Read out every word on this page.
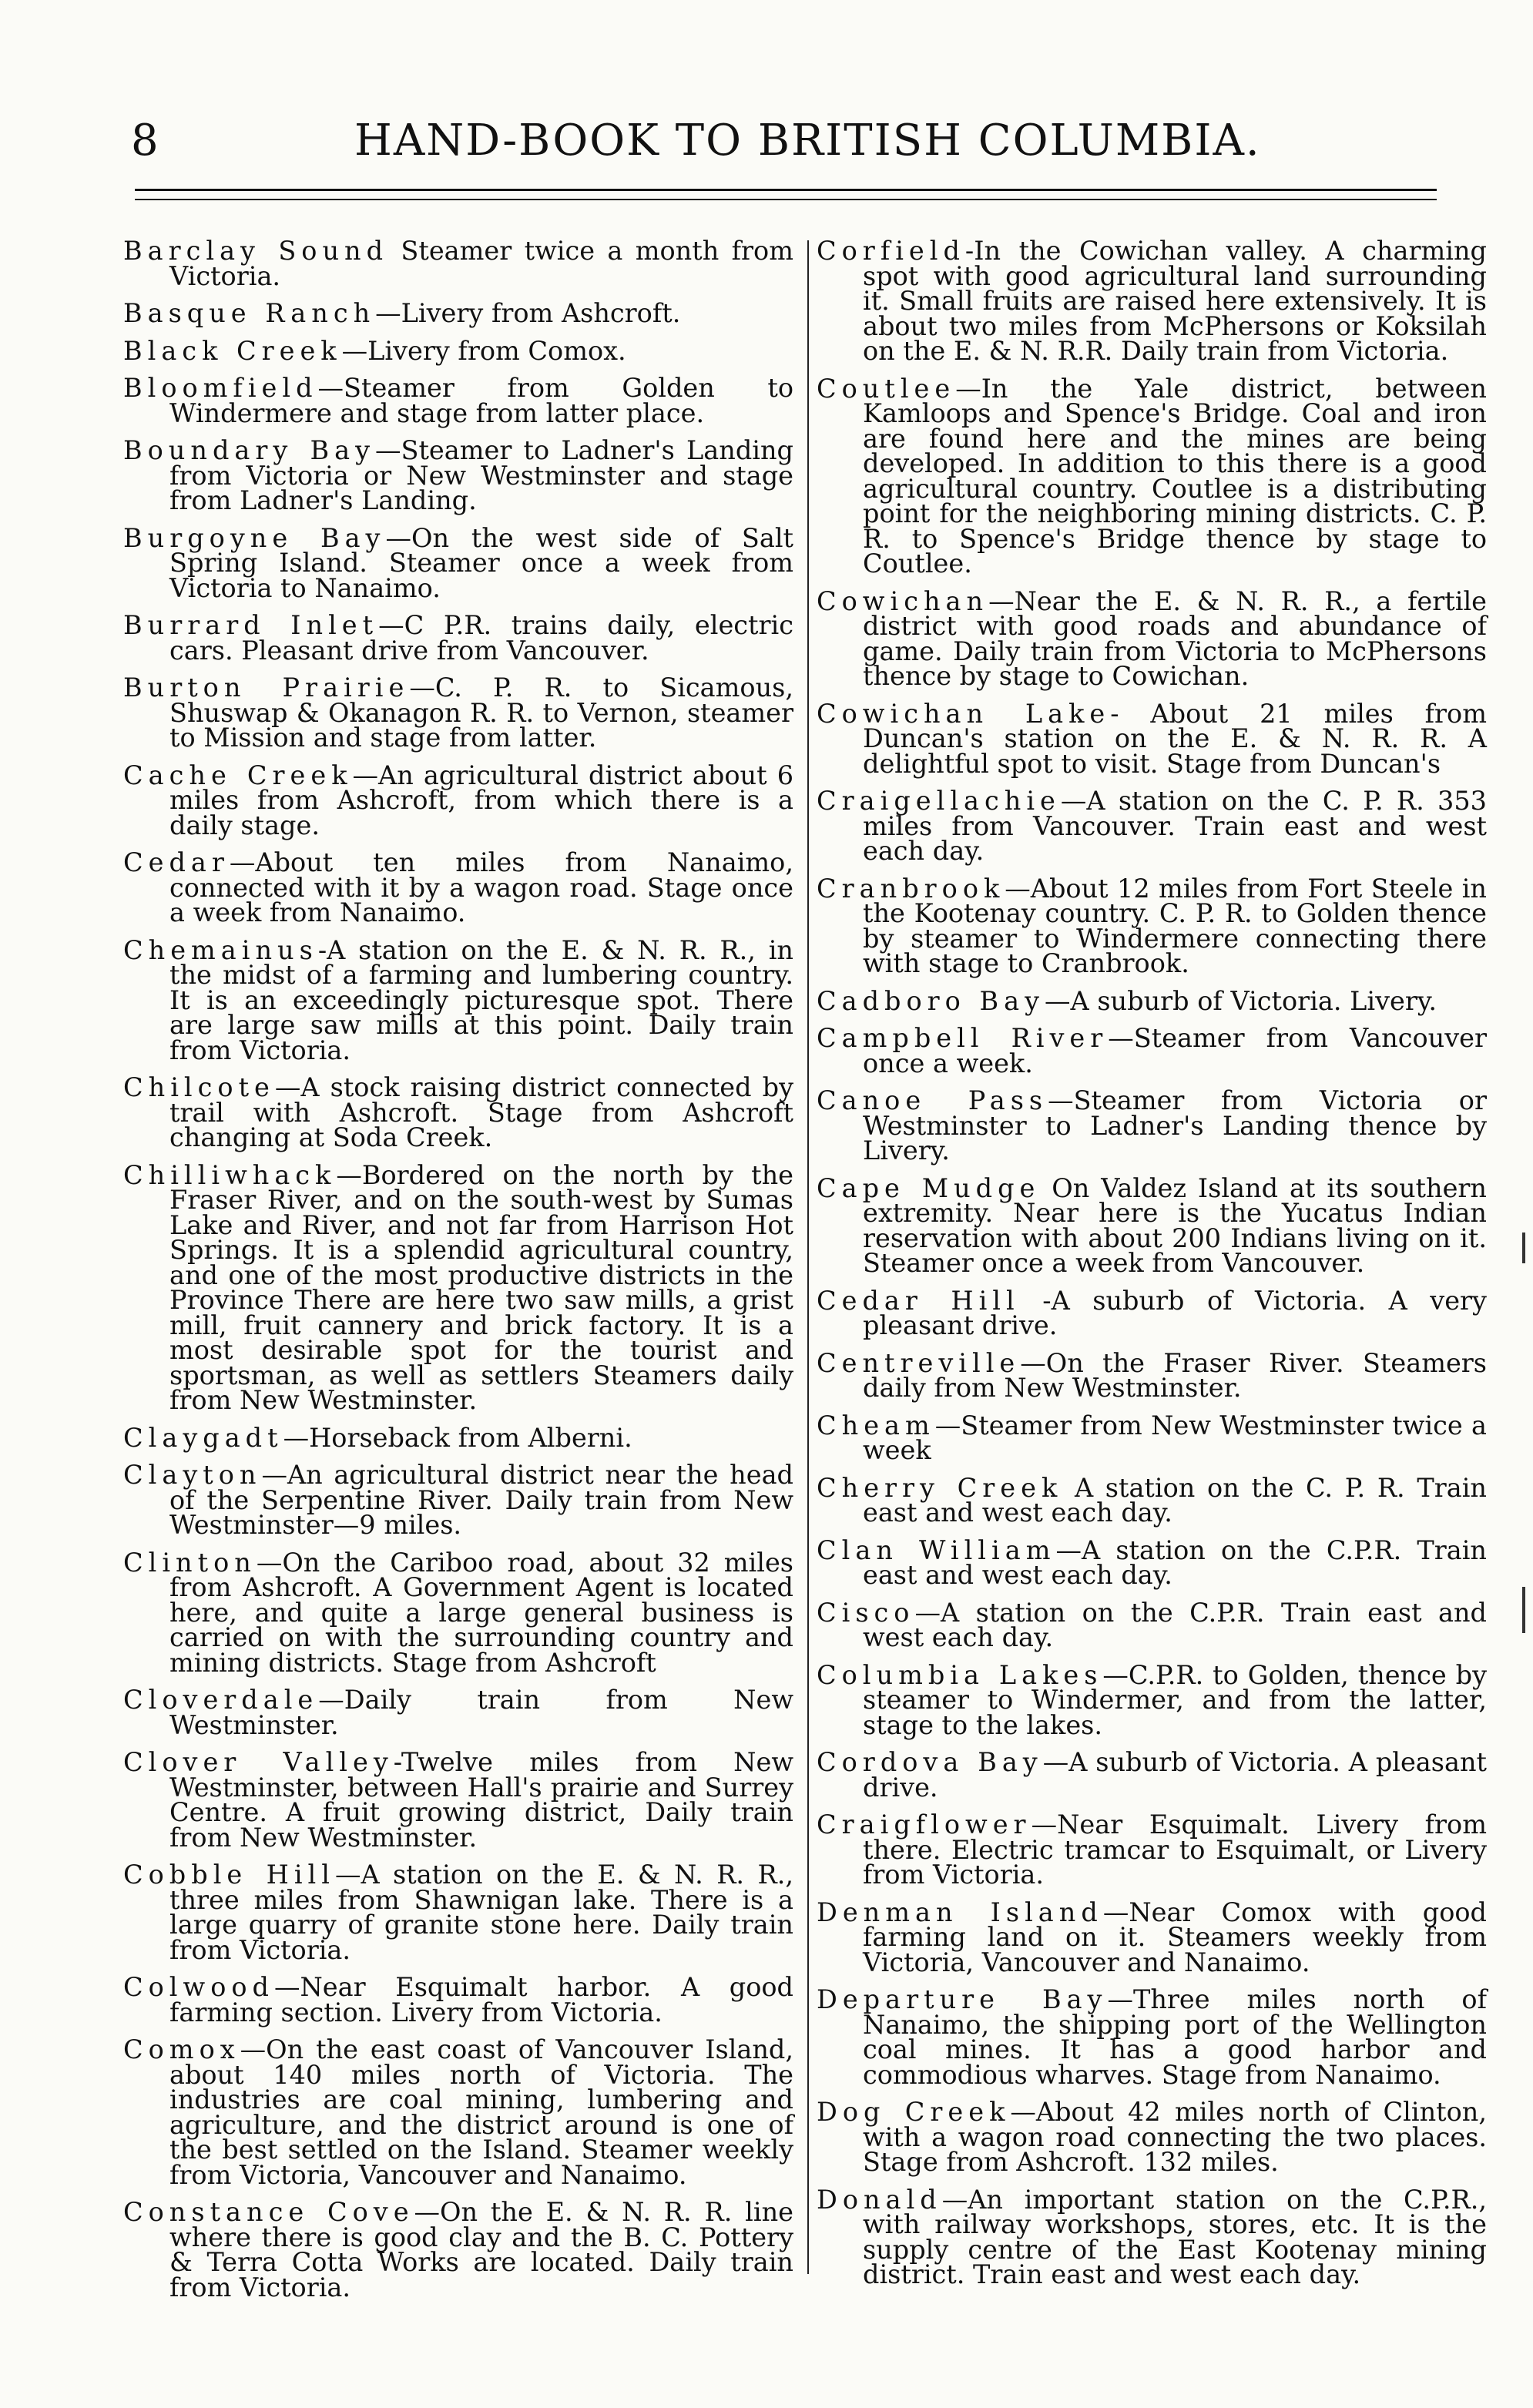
8	HAND-BOOK TO BRITISH COLUMBIA.

Barclay Sound Steamer twice a month from Victoria.

Basque Ranch—Livery from Ashcroft.

Black Creek—Livery from Comox.

Bloomfield—Steamer from Golden to Windermere and stage from latter place.

Boundary Bay—Steamer to Ladner's Landing from Victoria or New Westminster and stage from Ladner's Landing.

Burgoyne Bay—On the west side of Salt Spring Island. Steamer once a week from Victoria to Nanaimo.

Burrard Inlet—C P.R. trains daily, electric cars. Pleasant drive from Vancouver.

Burton Prairie—C. P. R. to Sicamous, Shuswap & Okanagon R. R. to Vernon, steamer to Mission and stage from latter.

Cache Creek—An agricultural district about 6 miles from Ashcroft, from which there is a daily stage.

Cedar—About ten miles from Nanaimo, connected with it by a wagon road. Stage once a week from Nanaimo.

Chemainus-A station on the E. & N. R. R., in the midst of a farming and lumbering country. It is an exceedingly picturesque spot. There are large saw mills at this point. Daily train from Victoria.

Chilcote—A stock raising district connected by trail with Ashcroft. Stage from Ashcroft changing at Soda Creek.

Chilliwhack—Bordered on the north by the Fraser River, and on the south-west by Sumas Lake and River, and not far from Harrison Hot Springs. It is a splendid agricultural country, and one of the most productive districts in the Province There are here two saw mills, a grist mill, fruit cannery and brick factory. It is a most desirable spot for the tourist and sportsman, as well as settlers Steamers daily from New Westminster.

Claygadt—Horseback from Alberni.

Clayton—An agricultural district near the head of the Serpentine River. Daily train from New Westminster—9 miles.

Clinton—On the Cariboo road, about 32 miles from Ashcroft. A Government Agent is located here, and quite a large general business is carried on with the surrounding country and mining districts. Stage from Ashcroft

Cloverdale—Daily train from New Westminster.

Clover Valley-Twelve miles from New Westminster, between Hall's prairie and Surrey Centre. A fruit growing district, Daily train from New Westminster.

Cobble Hill—A station on the E. & N. R. R., three miles from Shawnigan lake. There is a large quarry of granite stone here. Daily train from Victoria.

Colwood—Near Esquimalt harbor. A good farming section. Livery from Victoria.

Comox—On the east coast of Vancouver Island, about 140 miles north of Victoria. The industries are coal mining, lumbering and agriculture, and the district around is one of the best settled on the Island. Steamer weekly from Victoria, Vancouver and Nanaimo.

Constance Cove—On the E. & N. R. R. line where there is good clay and the B. C. Pottery & Terra Cotta Works are located. Daily train from Victoria.

Corfield-In the Cowichan valley. A charming spot with good agricultural land surrounding it. Small fruits are raised here extensively. It is about two miles from McPhersons or Koksilah on the E. & N. R.R. Daily train from Victoria.

Coutlee—In the Yale district, between Kamloops and Spence's Bridge. Coal and iron are found here and the mines are being developed. In addition to this there is a good agricultural country. Coutlee is a distributing point for the neighboring mining districts. C. P. R. to Spence's Bridge thence by stage to Coutlee.

Cowichan—Near the E. & N. R. R., a fertile district with good roads and abundance of game. Daily train from Victoria to McPhersons thence by stage to Cowichan.

Cowichan Lake- About 21 miles from Duncan's station on the E. & N. R. R. A delightful spot to visit. Stage from Duncan's

Craigellachie—A station on the C. P. R. 353 miles from Vancouver. Train east and west each day.

Cranbrook—About 12 miles from Fort Steele in the Kootenay country. C. P. R. to Golden thence by steamer to Windermere connecting there with stage to Cranbrook.

Cadboro Bay—A suburb of Victoria. Livery.

Campbell River—Steamer from Vancouver once a week.

Canoe Pass—Steamer from Victoria or Westminster to Ladner's Landing thence by Livery.

Cape Mudge On Valdez Island at its southern extremity. Near here is the Yucatus Indian reservation with about 200 Indians living on it. Steamer once a week from Vancouver.

Cedar Hill -A suburb of Victoria. A very pleasant drive.

Centreville—On the Fraser River. Steamers daily from New Westminster.

Cheam—Steamer from New Westminster twice a week

Cherry Creek A station on the C. P. R. Train east and west each day.

Clan William—A station on the C.P.R. Train east and west each day.

Cisco—A station on the C.P.R. Train east and west each day.

Columbia Lakes—C.P.R. to Golden, thence by steamer to Windermer, and from the latter, stage to the lakes.

Cordova Bay—A suburb of Victoria. A pleasant drive.

Craigflower—Near Esquimalt. Livery from there. Electric tramcar to Esquimalt, or Livery from Victoria.

Denman Island—Near Comox with good farming land on it. Steamers weekly from Victoria, Vancouver and Nanaimo.

Departure Bay—Three miles north of Nanaimo, the shipping port of the Wellington coal mines. It has a good harbor and commodious wharves. Stage from Nanaimo.

Dog Creek—About 42 miles north of Clinton, with a wagon road connecting the two places. Stage from Ashcroft. 132 miles.

Donald—An important station on the C.P.R., with railway workshops, stores, etc. It is the supply centre of the East Kootenay mining district. Train east and west each day.
